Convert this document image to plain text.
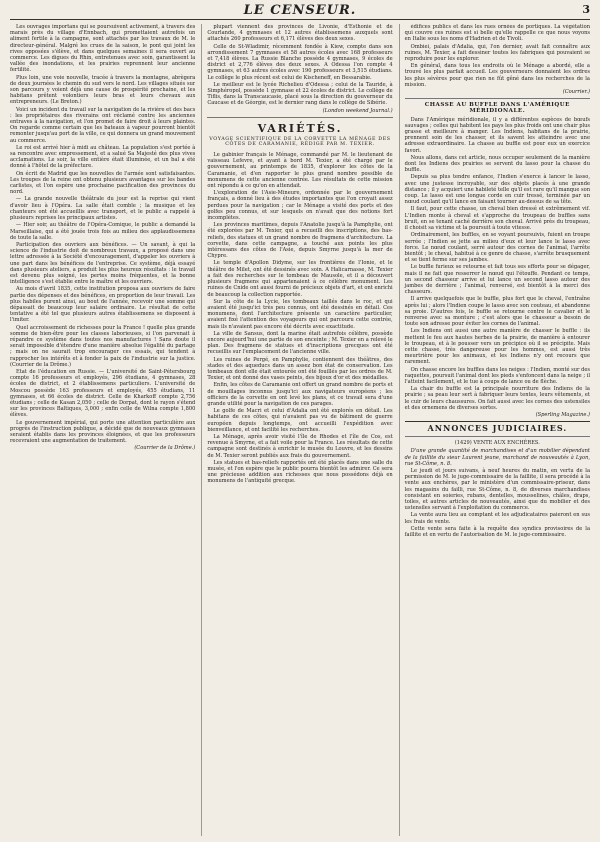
LE CENSEUR.	3

Les ouvrages importans qui se poursuivent activement, à travers des marais près du village d'Ennbach, qui promettaient autrefois un aliment fertile à la campagne, sont attachés par les travaux de M. le directeur-général. Malgré les crues de la saison, le pont qui joint les rives opposées s'élève, et dans quelques semaines il sera ouvert au commerce. Les digues du Rhin, entretenues avec soin, garantissent la vallée des inondations, et les prairies reprennent leur ancienne fertilité.

Plus loin, une voie nouvelle, tracée à travers la montagne, abrègera de deux journées le chemin du sud vers le nord. Les villages situés sur son parcours y voient déjà une cause de prospérité prochaine, et les habitans prêtent volontiers leurs bras et leurs chevaux aux entrepreneurs. (Le Breton.)

Voici un incident du travail sur la navigation de la rivière et des bacs : les propriétaires des riverains ont réclamé contre les anciennes entraves à la navigation, et l'on promet de faire droit à leurs plaintes. On regarde comme certain que les bateaux à vapeur pourront bientôt remonter jusqu'au port de la ville, ce qui donnera un grand mouvement au commerce.

Le roi est arrivé hier à midi au château. La population s'est portée à sa rencontre avec empressement, et a salué Sa Majesté des plus vives acclamations. Le soir, la ville entière était illuminée, et un bal a été donné à l'hôtel de la préfecture.

On écrit de Madrid que les nouvelles de l'armée sont satisfaisantes. Les troupes de la reine ont obtenu plusieurs avantages sur les bandes carlistes, et l'on espère une prochaine pacification des provinces du nord.

— La grande nouvelle théâtrale du jour est la reprise qui vient d'avoir lieu à l'Opéra. La salle était comble ; la musique et les chanteurs ont été accueillis avec transport, et le public a rappelé à plusieurs reprises les principaux artistes.

— Hier soir, au théâtre de l'Opéra-Comique, le public a demandé la Marseillaise, qui a été jouée trois fois au milieu des applaudissemens de toute la salle.

Participation des ouvriers aux bénéfices. — Un savant, à qui la science de l'industrie doit de nombreux travaux, a proposé dans une lettre adressée à la Société d'encouragement, d'appeler les ouvriers à une part dans les bénéfices de l'entreprise. Ce système, déjà essayé dans plusieurs ateliers, a produit les plus heureux résultats : le travail est devenu plus soigné, les pertes moins fréquentes, et la bonne intelligence s'est établie entre le maître et les ouvriers.

Au mois d'avril 1835, cette institution proposa aux ouvriers de faire partie des dépenses et des bénéfices, en proportion de leur travail. Les plus habiles purent ainsi, au bout de l'année, recevoir une somme qui dépassait de beaucoup leur salaire ordinaire. Le résultat de cette tentative a été tel que plusieurs autres établissemens se disposent à l'imiter.

Quel accroissement de richesses pour la France ! quelle plus grande somme de bien-être pour les classes laborieuses, si l'on parvenait à répandre ce système dans toutes nos manufactures ! Sans doute il serait impossible d'étendre d'une manière absolue l'égalité du partage ; mais on ne saurait trop encourager ces essais, qui tendent à rapprocher les intérêts et à fonder la paix de l'industrie sur la justice. (Courrier de la Drôme.)

Etat de l'éducation en Russie. — L'université de Saint-Pétersbourg compte 16 professeurs et employés, 296 étudians, 4 gymnases, 28 écoles de district, et 2 établissemens particuliers. L'université de Moscou possède 163 professeurs et employés, 455 étudians, 11 gymnases, et 66 écoles de district. Celle de Kharkoff compte 2,756 étudians ; celle de Kasan 2,050 ; celle de Dorpat, dont le rayon s'étend sur les provinces Baltiques, 3,000 ; enfin celle de Wilna compte 1,800 élèves.

Le gouvernement impérial, qui porte une attention particulière aux progrès de l'instruction publique, a décidé que de nouveaux gymnases seraient établis dans les provinces éloignées, et que les professeurs recevraient une augmentation de traitement.

(Courrier de la Drôme.)

plupart viennent des provinces de Livonie, d'Esthonie et de Courlande, 4 gymnases et 12 autres établissemens auxquels sont attachés 260 professeurs et 6,171 élèves des deux sexes.

Celle de St-Wladimir, récemment fondée à Kiew, compte dans son arrondissement 7 gymnases et 58 autres écoles avec 168 professeurs et 7,418 élèves. La Russie Blanche possède 4 gymnases, 9 écoles de district et 2,776 élèves des deux sexes. A Odessa l'on compte 4 gymnases, et 63 autres écoles avec 190 professeurs et 3,515 étudians. Le collège le plus récent est celui de Kischeneff, en Bessarabie.

Le meilleur est le lycée Richelieu d'Odessa ; celui de la Tauride, à Simphéropol, possède 1 gymnase et 22 écoles de district. Le collège de Tiflis, dans la Transcaucasie, placé sous la direction du gouverneur du Caucase et de Géorgie, est le dernier rang dans le collège de Sibérie.

(London weekend Journal.)

VARIÉTÉS.

VOYAGE SCIENTIFIQUE DE LA CORVETTE LA MÉNAGE DES CÔTES DE CARAMANIE, RÉDIGÉ PAR M. TEXIER.

Le gabinier français le Ménage, commandé par M. le lieutenant de vaisseau Lefevre, et ayant à bord M. Texier, a été chargé par le gouvernement, au printemps de 1835, d'explorer les côtes de la Caramanie, et d'en rapporter le plus grand nombre possible de monumens de cette ancienne contrée. Les résultats de cette mission ont répondu à ce qu'on en attendait.

L'exploration de l'Asie-Mineure, ordonnée par le gouvernement français, a donné lieu à des études importantes que l'on croyait assez perdues pour la navigation ; car le Ménage a visité des ports et des golfes peu connus, et sur lesquels on n'avait que des notions fort incomplètes.

Les provinces maritimes, depuis l'Anatolie jusqu'à la Pamphylie, ont été explorées par M. Texier, qui a recueilli des inscriptions, des bas-reliefs, des statues et un grand nombre de fragmens d'architecture. La corvette, dans cette campagne, a touché aux points les plus intéressans des côtes de l'Asie, depuis Smyrne jusqu'à la mer de Chypre.

Le temple d'Apollon Didyme, sur les frontières de l'Ionie, et le théâtre de Milet, ont été dessinés avec soin. A Halicarnasse, M. Texier a fait des recherches sur le tombeau de Mausole, et il a découvert plusieurs fragmens qui appartenaient à ce célèbre monument. Les ruines de Cnide ont aussi fourni de précieux objets d'art, et ont enrichi de beaucoup la collection rapportée.

Sur la côte de la Lycie, les tombeaux taillés dans le roc, et qui avaient été jusqu'ici très peu connus, ont été dessinés en détail. Ces monumens, dont l'architecture présente un caractère particulier, avaient fixé l'attention des voyageurs qui ont parcouru cette contrée, mais ils n'avaient pas encore été décrits avec exactitude.

La ville de Sansus, dont la marine était autrefois célèbre, possède encore aujourd'hui une partie de son enceinte ; M. Texier en a relevé le plan. Des fragmens de statues et d'inscriptions grecques ont été recueillis sur l'emplacement de l'ancienne ville.

Les ruines de Pergé, en Pamphylie, contiennent des théâtres, des stades et des aqueducs dans un assez bon état de conservation. Les tombeaux dont elle était entourée ont été fouillés par les ordres de M. Texier, et ont donné des vases peints, des bijoux d'or et des médailles.

Enfin, les côtes de Caramanie ont offert un grand nombre de ports et de mouillages inconnus jusqu'ici aux navigateurs européens ; les officiers de la corvette en ont levé les plans, et ce travail sera d'une grande utilité pour la navigation de ces parages.

Le golfe de Macri et celui d'Adalia ont été explorés en détail. Les habitans de ces côtes, qui n'avaient pas vu de bâtiment de guerre européen depuis longtemps, ont accueilli l'expédition avec bienveillance, et ont facilité les recherches.

La Ménage, après avoir visité l'île de Rhodes et l'île de Cos, est revenue à Smyrne, et a fait voile pour la France. Les résultats de cette campagne sont destinés à enrichir le musée du Louvre, et les dessins de M. Texier seront publiés aux frais du gouvernement.

Les statues et bas-reliefs rapportés ont été placés dans une salle du musée, et l'on espère que le public pourra bientôt les admirer. Ce sera une précieuse addition aux richesses que nous possédons déjà en monumens de l'antiquité grecque.

édifices publics et dans les rues ornées de portiques. La végétation qui couvre ces ruines est si belle qu'elle rappelle ce que nous voyons en Italie sous les noms d'Hadrien et de Tivoli.

Ombiei, palais d'Adalia, qui, l'on dernier, avait fait connaître aux ruines, M. Texier, a fait dessiner toutes les fabriques qui pouvaient se reproduire pour les explorer.

En général, dans tous les endroits où le Ménage a abordé, elle a trouvé les plus parfait accueil. Les gouverneurs donnaient les ordres les plus sévères pour que rien ne fût gêné dans les recherches de la mission.

(Courrier.)

CHASSE AU BUFFLE DANS L'AMÉRIQUE MÉRIDIONALE.

Dans l'Amérique méridionale, il y a différentes espèces de bœufs sauvages ; celles qui habitent les pays les plus froids ont une chair plus grasse et meilleure à manger. Les Indiens, habitans de la prairie, prennent soin de les chasser, et ils savent les atteindre avec une adresse extraordinaire. La chasse au buffle est pour eux un exercice favori.

Nous allons, dans cet article, nous occuper seulement de la manière dont les Indiens des prairies se servent du lasso pour la chasse du buffle.

Depuis sa plus tendre enfance, l'Indien s'exerce à lancer le lasso, avec une justesse incroyable, sur des objets placés à une grande distance ; il y acquiert une habileté telle qu'il est rare qu'il manque son coup. Le lasso est une longue corde en cuir tressé, terminée par un nœud coulant qu'il lance en faisant tourner au-dessus de sa tête.

Il faut, pour cette chasse, un cheval bien dressé et extrêmement vif. L'Indien monte à cheval et s'approche du troupeau de buffles sans bruit, en se tenant caché derrière son cheval. Arrivé près du troupeau, il choisit sa victime et la poursuit à toute vitesse.

Ordinairement, les buffles, en se voyant poursuivis, fuient en troupe serrée ; l'Indien se jette au milieu d'eux et leur lance le lasso avec force. Le nœud coulant, serré autour des cornes de l'animal, l'arrête bientôt ; le cheval, habitué à ce genre de chasse, s'arrête brusquement et se tient ferme sur ses jambes.

Le buffle furieux se retourne et fait tous ses efforts pour se dégager, mais il ne fait que resserrer le nœud qui l'étouffe. Pendant ce temps, un second chasseur arrive et lui lance un second lasso autour des jambes de derrière ; l'animal, renversé, est bientôt à la merci des chasseurs.

Il arrive quelquefois que le buffle, plus fort que le cheval, l'entraîne après lui ; alors l'Indien coupe le lasso avec son couteau, et abandonne sa proie. D'autres fois, le buffle se retourne contre le cavalier et le renverse avec sa monture ; c'est alors que le chasseur a besoin de toute son adresse pour éviter les cornes de l'animal.

Les Indiens ont aussi une autre manière de chasser le buffle : ils mettent le feu aux hautes herbes de la prairie, de manière à entourer le troupeau, et à le pousser vers un précipice où il se précipite. Mais cette chasse, très dangereuse pour les hommes, est aussi très meurtrière pour les animaux, et les Indiens n'y ont recours que rarement.

On chasse encore les buffles dans les neiges : l'Indien, monté sur des raquettes, poursuit l'animal dont les pieds s'enfoncent dans la neige ; il l'atteint facilement, et le tue à coups de lance ou de flèche.

La chair du buffle est la principale nourriture des Indiens de la prairie ; sa peau leur sert à fabriquer leurs tentes, leurs vêtements, et le cuir de leurs chaussures. On fait aussi avec les cornes des ustensiles et des ornemens de diverses sortes.

(Sperling Magazine.)

ANNONCES JUDICIAIRES.

(1429) VENTE AUX ENCHÈRES.

D'une grande quantité de marchandises et d'un mobilier dépendant de la faillite du sieur Laurent jeune, marchand de nouveautés à Lyon, rue St-Côme, n. 8.

Le jeudi et jours suivans, à neuf heures du matin, en vertu de la permission de M. le juge-commissaire de la faillite, il sera procédé à la vente aux enchères, par le ministère d'un commissaire-priseur, dans les magasins du failli, rue St-Côme, n. 8, de diverses marchandises consistant en soieries, rubans, dentelles, mousselines, châles, draps, toiles, et autres articles de nouveautés, ainsi que du mobilier et des ustensiles servant à l'exploitation du commerce.

La vente aura lieu au comptant et les adjudicataires paieront en sus les frais de vente.

Cette vente sera faite à la requête des syndics provisoires de la faillite et en vertu de l'autorisation de M. le juge-commissaire.
